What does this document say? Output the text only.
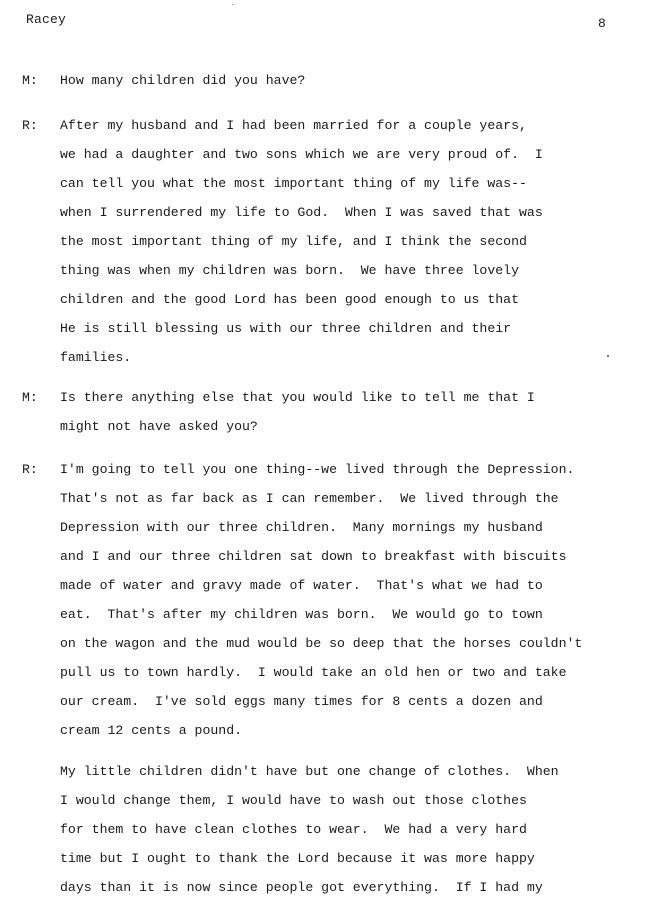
Racey	8
M: How many children did you have?
R: After my husband and I had been married for a couple years,
we had a daughter and two sons which we are very proud of.  I
can tell you what the most important thing of my life was--
when I surrendered my life to God.  When I was saved that was
the most important thing of my life, and I think the second
thing was when my children was born.  We have three lovely
children and the good Lord has been good enough to us that
He is still blessing us with our three children and their
families.
M: Is there anything else that you would like to tell me that I
might not have asked you?
R: I'm going to tell you one thing--we lived through the Depression.
That's not as far back as I can remember.  We lived through the
Depression with our three children.  Many mornings my husband
and I and our three children sat down to breakfast with biscuits
made of water and gravy made of water.  That's what we had to
eat.  That's after my children was born.  We would go to town
on the wagon and the mud would be so deep that the horses couldn't
pull us to town hardly.  I would take an old hen or two and take
our cream.  I've sold eggs many times for 8 cents a dozen and
cream 12 cents a pound.
My little children didn't have but one change of clothes.  When
I would change them, I would have to wash out those clothes
for them to have clean clothes to wear.  We had a very hard
time but I ought to thank the Lord because it was more happy
days than it is now since people got everything.  If I had my
